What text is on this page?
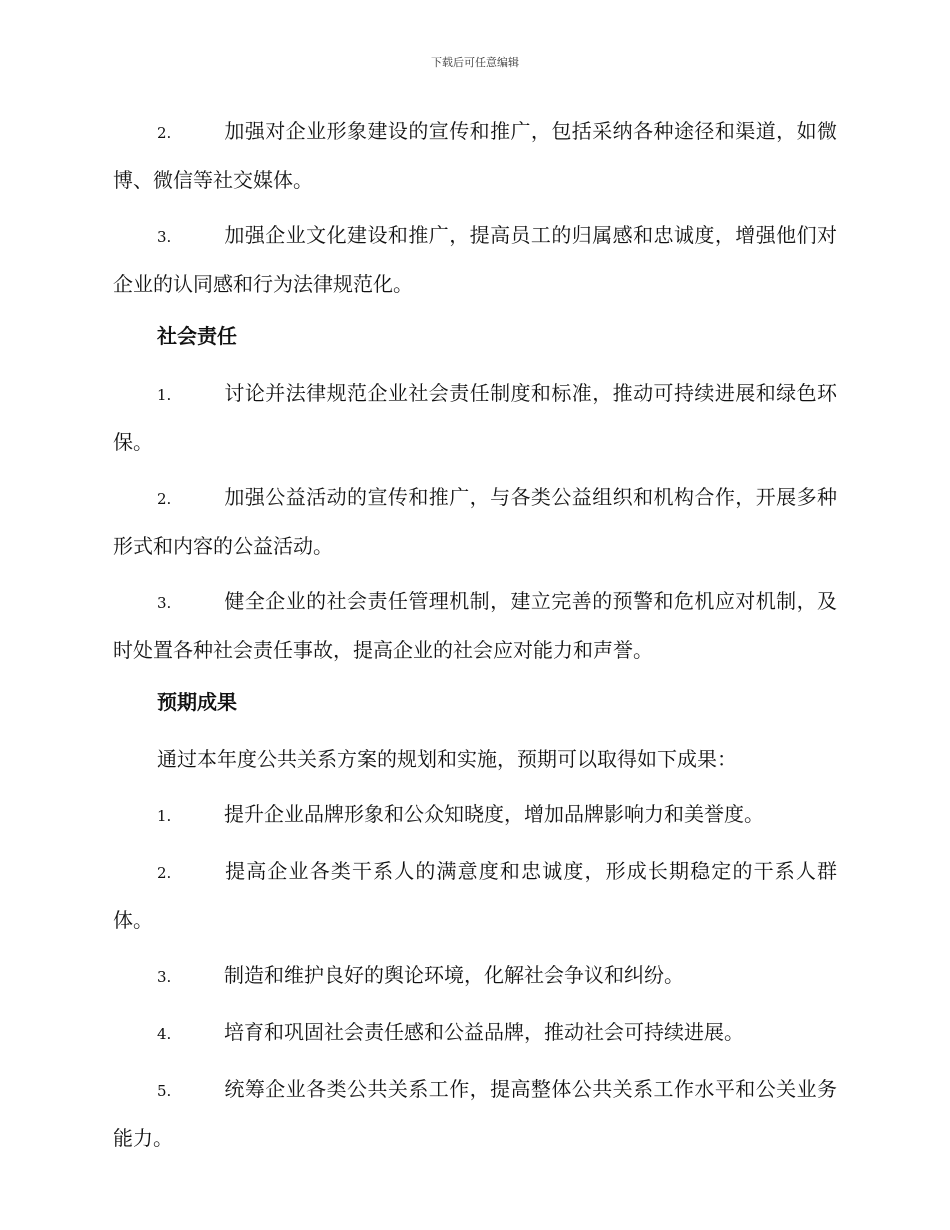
下载后可任意编辑

2.	加强对企业形象建设的宣传和推广，包括采纳各种途径和渠道，如微博、微信等社交媒体。

3.	加强企业文化建设和推广，提高员工的归属感和忠诚度，增强他们对企业的认同感和行为法律规范化。

社会责任

1.	讨论并法律规范企业社会责任制度和标准，推动可持续进展和绿色环保。

2.	加强公益活动的宣传和推广，与各类公益组织和机构合作，开展多种形式和内容的公益活动。

3.	健全企业的社会责任管理机制，建立完善的预警和危机应对机制，及时处置各种社会责任事故，提高企业的社会应对能力和声誉。

预期成果

通过本年度公共关系方案的规划和实施，预期可以取得如下成果：

1.	提升企业品牌形象和公众知晓度，增加品牌影响力和美誉度。

2.	提高企业各类干系人的满意度和忠诚度，形成长期稳定的干系人群体。

3.	制造和维护良好的舆论环境，化解社会争议和纠纷。

4.	培育和巩固社会责任感和公益品牌，推动社会可持续进展。

5.	统筹企业各类公共关系工作，提高整体公共关系工作水平和公关业务能力。
